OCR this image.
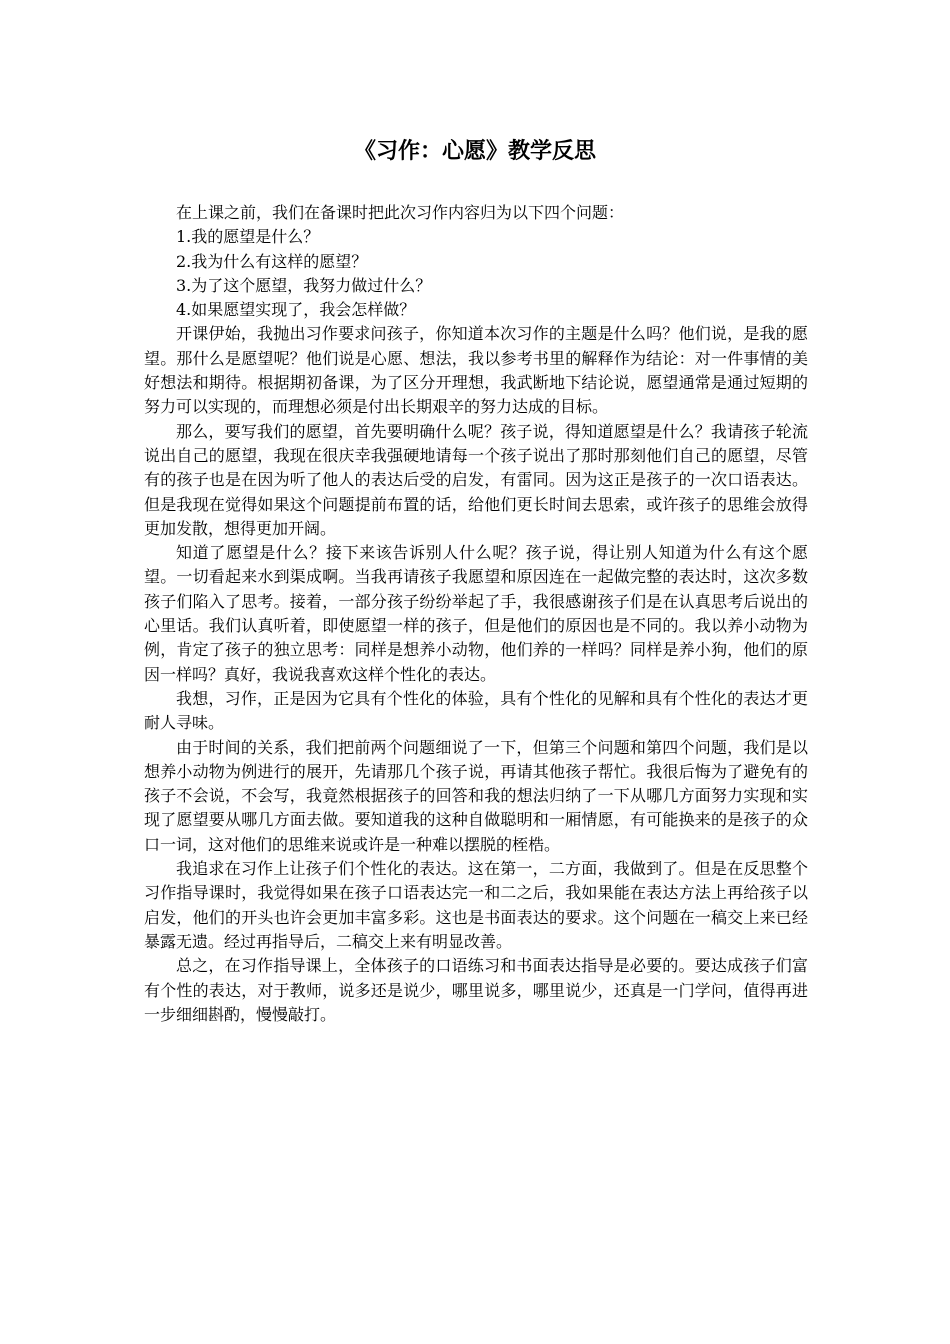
《习作：心愿》教学反思

在上课之前，我们在备课时把此次习作内容归为以下四个问题：

1.我的愿望是什么？

2.我为什么有这样的愿望？

3.为了这个愿望，我努力做过什么？

4.如果愿望实现了，我会怎样做？

开课伊始，我抛出习作要求问孩子，你知道本次习作的主题是什么吗？他们说，是我的愿望。那什么是愿望呢？他们说是心愿、想法，我以参考书里的解释作为结论：对一件事情的美好想法和期待。根据期初备课，为了区分开理想，我武断地下结论说，愿望通常是通过短期的努力可以实现的，而理想必须是付出长期艰辛的努力达成的目标。

那么，要写我们的愿望，首先要明确什么呢？孩子说，得知道愿望是什么？我请孩子轮流说出自己的愿望，我现在很庆幸我强硬地请每一个孩子说出了那时那刻他们自己的愿望，尽管有的孩子也是在因为听了他人的表达后受的启发，有雷同。因为这正是孩子的一次口语表达。但是我现在觉得如果这个问题提前布置的话，给他们更长时间去思索，或许孩子的思维会放得更加发散，想得更加开阔。

知道了愿望是什么？接下来该告诉别人什么呢？孩子说，得让别人知道为什么有这个愿望。一切看起来水到渠成啊。当我再请孩子我愿望和原因连在一起做完整的表达时，这次多数孩子们陷入了思考。接着，一部分孩子纷纷举起了手，我很感谢孩子们是在认真思考后说出的心里话。我们认真听着，即使愿望一样的孩子，但是他们的原因也是不同的。我以养小动物为例，肯定了孩子的独立思考：同样是想养小动物，他们养的一样吗？同样是养小狗，他们的原因一样吗？真好，我说我喜欢这样个性化的表达。

我想，习作，正是因为它具有个性化的体验，具有个性化的见解和具有个性化的表达才更耐人寻味。

由于时间的关系，我们把前两个问题细说了一下，但第三个问题和第四个问题，我们是以想养小动物为例进行的展开，先请那几个孩子说，再请其他孩子帮忙。我很后悔为了避免有的孩子不会说，不会写，我竟然根据孩子的回答和我的想法归纳了一下从哪几方面努力实现和实现了愿望要从哪几方面去做。要知道我的这种自做聪明和一厢情愿，有可能换来的是孩子的众口一词，这对他们的思维来说或许是一种难以摆脱的桎梏。

我追求在习作上让孩子们个性化的表达。这在第一，二方面，我做到了。但是在反思整个习作指导课时，我觉得如果在孩子口语表达完一和二之后，我如果能在表达方法上再给孩子以启发，他们的开头也许会更加丰富多彩。这也是书面表达的要求。这个问题在一稿交上来已经暴露无遗。经过再指导后，二稿交上来有明显改善。

总之，在习作指导课上，全体孩子的口语练习和书面表达指导是必要的。要达成孩子们富有个性的表达，对于教师，说多还是说少，哪里说多，哪里说少，还真是一门学问，值得再进一步细细斟酌，慢慢敲打。
